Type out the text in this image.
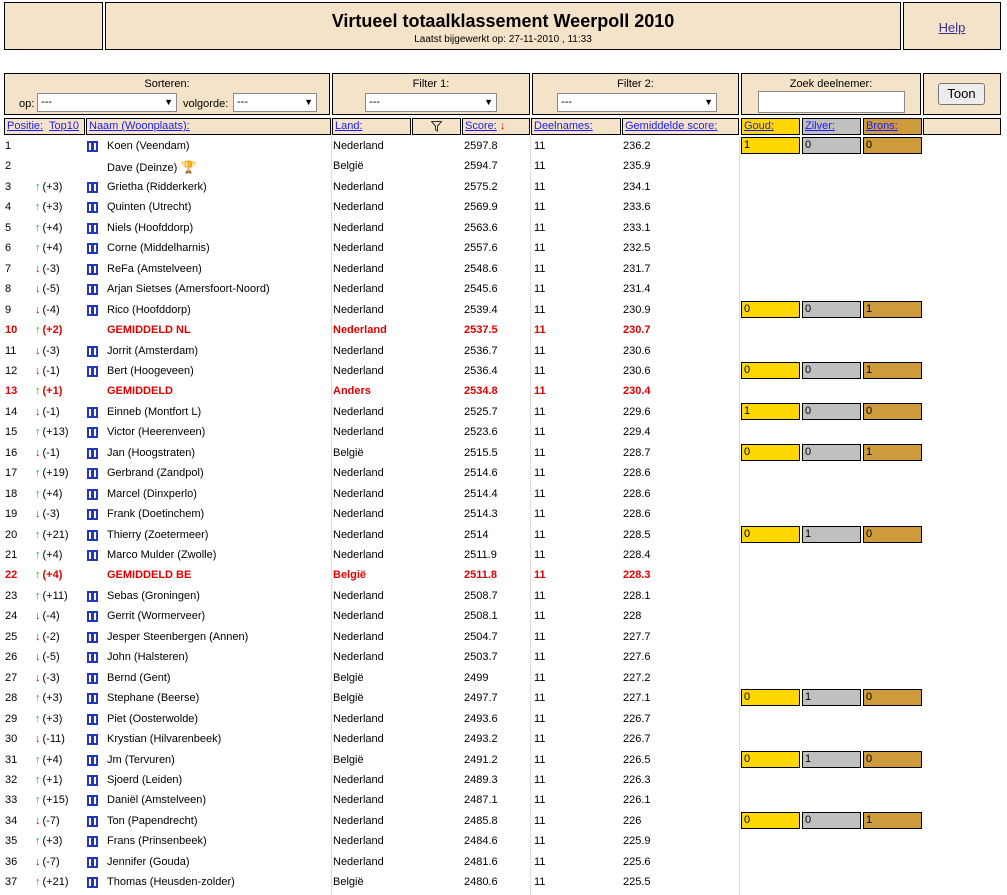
Virtueel totaalklassement Weerpoll 2010
Laatst bijgewerkt op: 27-11-2010 , 11:33
Help
Sorteren:
op: ---	▼ volgorde: ---	▼
Filter 1:
---	▼
Filter 2:
---	▼
Zoek deelnemer:
Toon
Positie: Top10 Naam (Woonplaats):	Land:	Score: ↓	Deelnames:	Gemiddelde score:	Goud:	Zilver:	Brons:
1	Koen (Veendam)	Nederland	2597.8	11	236.2	1	0	0
2	Dave (Deinze) 🏆	België	2594.7	11	235.9
3 ↑ (+3)	Grietha (Ridderkerk)	Nederland	2575.2	11	234.1
4 ↑ (+3)	Quinten (Utrecht)	Nederland	2569.9	11	233.6
5 ↑ (+4)	Niels (Hoofddorp)	Nederland	2563.6	11	233.1
6 ↑ (+4)	Corne (Middelharnis)	Nederland	2557.6	11	232.5
7 ↓ (-3)	ReFa (Amstelveen)	Nederland	2548.6	11	231.7
8 ↓ (-5)	Arjan Sietses (Amersfoort-Noord)	Nederland	2545.6	11	231.4
9 ↓ (-4)	Rico (Hoofddorp)	Nederland	2539.4	11	230.9	0	0	1
10 ↑ (+2)	GEMIDDELD NL	Nederland	2537.5	11	230.7
11 ↓ (-3)	Jorrit (Amsterdam)	Nederland	2536.7	11	230.6
12 ↓ (-1)	Bert (Hoogeveen)	Nederland	2536.4	11	230.6	0	0	1
13 ↑ (+1)	GEMIDDELD	Anders	2534.8	11	230.4
14 ↓ (-1)	Einneb (Montfort L)	Nederland	2525.7	11	229.6	1	0	0
15 ↑ (+13)	Victor (Heerenveen)	Nederland	2523.6	11	229.4
16 ↓ (-1)	Jan (Hoogstraten)	België	2515.5	11	228.7	0	0	1
17 ↑ (+19)	Gerbrand (Zandpol)	Nederland	2514.6	11	228.6
18 ↑ (+4)	Marcel (Dinxperlo)	Nederland	2514.4	11	228.6
19 ↓ (-3)	Frank (Doetinchem)	Nederland	2514.3	11	228.6
20 ↑ (+21)	Thierry (Zoetermeer)	Nederland	2514	11	228.5	0	1	0
21 ↑ (+4)	Marco Mulder (Zwolle)	Nederland	2511.9	11	228.4
22 ↑ (+4)	GEMIDDELD BE	België	2511.8	11	228.3
23 ↑ (+11)	Sebas (Groningen)	Nederland	2508.7	11	228.1
24 ↓ (-4)	Gerrit (Wormerveer)	Nederland	2508.1	11	228
25 ↓ (-2)	Jesper Steenbergen (Annen)	Nederland	2504.7	11	227.7
26 ↓ (-5)	John (Halsteren)	Nederland	2503.7	11	227.6
27 ↓ (-3)	Bernd (Gent)	België	2499	11	227.2
28 ↑ (+3)	Stephane (Beerse)	België	2497.7	11	227.1	0	1	0
29 ↑ (+3)	Piet (Oosterwolde)	Nederland	2493.6	11	226.7
30 ↓ (-11)	Krystian (Hilvarenbeek)	Nederland	2493.2	11	226.7
31 ↑ (+4)	Jm (Tervuren)	België	2491.2	11	226.5	0	1	0
32 ↑ (+1)	Sjoerd (Leiden)	Nederland	2489.3	11	226.3
33 ↑ (+15)	Daniël (Amstelveen)	Nederland	2487.1	11	226.1
34 ↓ (-7)	Ton (Papendrecht)	Nederland	2485.8	11	226	0	0	1
35 ↑ (+3)	Frans (Prinsenbeek)	Nederland	2484.6	11	225.9
36 ↓ (-7)	Jennifer (Gouda)	Nederland	2481.6	11	225.6
37 ↑ (+21)	Thomas (Heusden-zolder)	België	2480.6	11	225.5
